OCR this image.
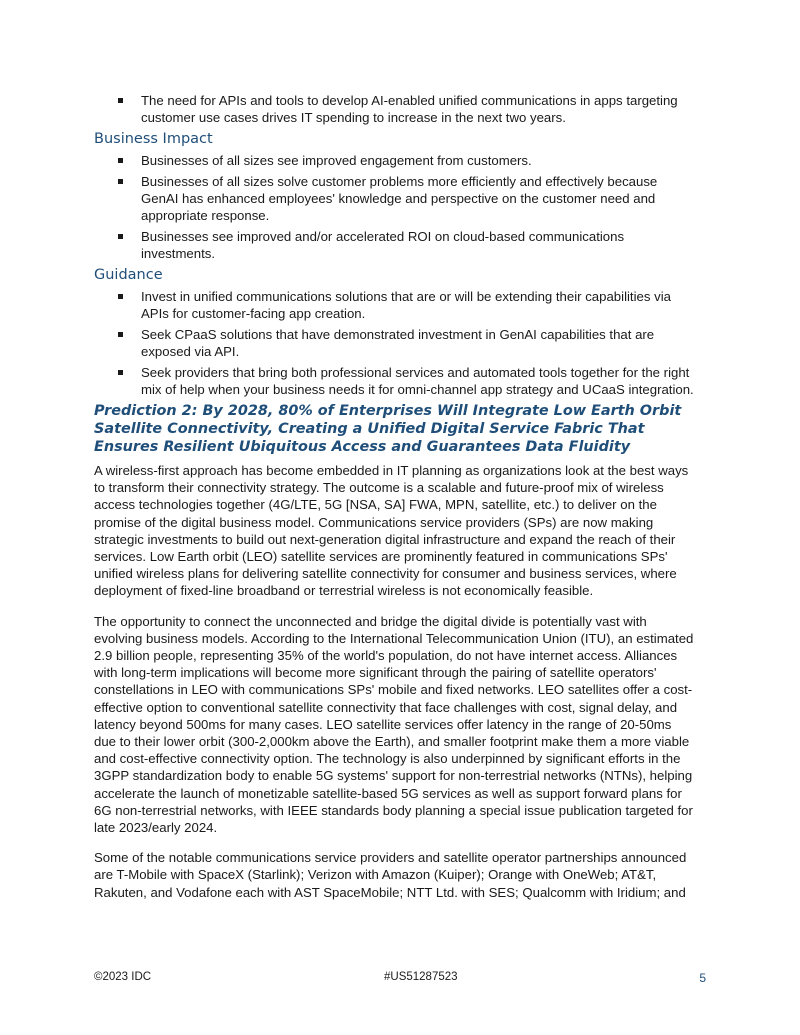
The need for APIs and tools to develop AI-enabled unified communications in apps targeting customer use cases drives IT spending to increase in the next two years.
Business Impact
Businesses of all sizes see improved engagement from customers.
Businesses of all sizes solve customer problems more efficiently and effectively because GenAI has enhanced employees' knowledge and perspective on the customer need and appropriate response.
Businesses see improved and/or accelerated ROI on cloud-based communications investments.
Guidance
Invest in unified communications solutions that are or will be extending their capabilities via APIs for customer-facing app creation.
Seek CPaaS solutions that have demonstrated investment in GenAI capabilities that are exposed via API.
Seek providers that bring both professional services and automated tools together for the right mix of help when your business needs it for omni-channel app strategy and UCaaS integration.
Prediction 2: By 2028, 80% of Enterprises Will Integrate Low Earth Orbit Satellite Connectivity, Creating a Unified Digital Service Fabric That Ensures Resilient Ubiquitous Access and Guarantees Data Fluidity

A wireless-first approach has become embedded in IT planning as organizations look at the best ways to transform their connectivity strategy. The outcome is a scalable and future-proof mix of wireless access technologies together (4G/LTE, 5G [NSA, SA] FWA, MPN, satellite, etc.) to deliver on the promise of the digital business model. Communications service providers (SPs) are now making strategic investments to build out next-generation digital infrastructure and expand the reach of their services. Low Earth orbit (LEO) satellite services are prominently featured in communications SPs' unified wireless plans for delivering satellite connectivity for consumer and business services, where deployment of fixed-line broadband or terrestrial wireless is not economically feasible.

The opportunity to connect the unconnected and bridge the digital divide is potentially vast with evolving business models. According to the International Telecommunication Union (ITU), an estimated 2.9 billion people, representing 35% of the world's population, do not have internet access. Alliances with long-term implications will become more significant through the pairing of satellite operators' constellations in LEO with communications SPs' mobile and fixed networks. LEO satellites offer a cost-effective option to conventional satellite connectivity that face challenges with cost, signal delay, and latency beyond 500ms for many cases. LEO satellite services offer latency in the range of 20-50ms due to their lower orbit (300-2,000km above the Earth), and smaller footprint make them a more viable and cost-effective connectivity option. The technology is also underpinned by significant efforts in the 3GPP standardization body to enable 5G systems' support for non-terrestrial networks (NTNs), helping accelerate the launch of monetizable satellite-based 5G services as well as support forward plans for 6G non-terrestrial networks, with IEEE standards body planning a special issue publication targeted for late 2023/early 2024.

Some of the notable communications service providers and satellite operator partnerships announced are T-Mobile with SpaceX (Starlink); Verizon with Amazon (Kuiper); Orange with OneWeb; AT&T, Rakuten, and Vodafone each with AST SpaceMobile; NTT Ltd. with SES; Qualcomm with Iridium; and

©2023 IDC	#US51287523	5
